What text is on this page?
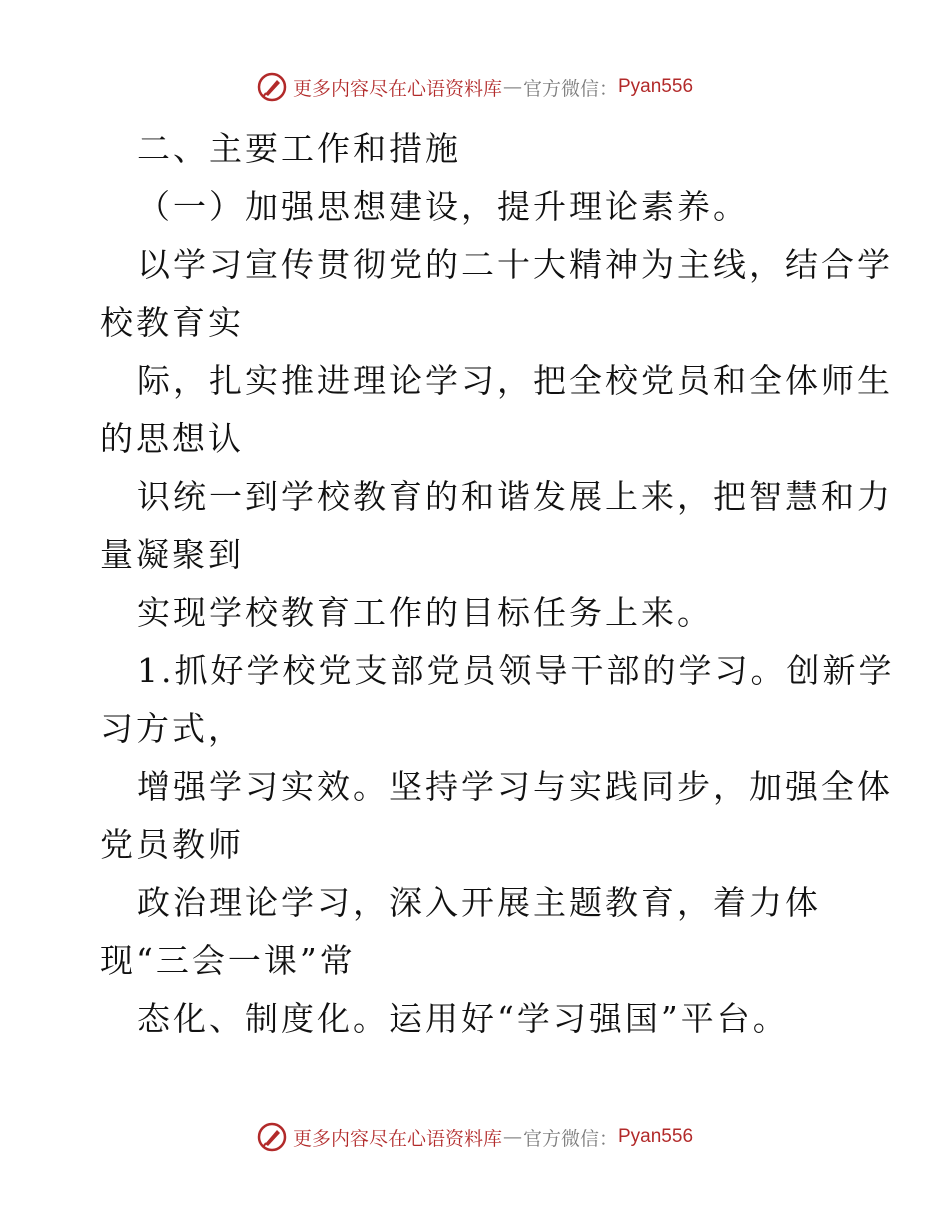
更多内容尽在心语资料库 — 官方微信： Pyan556
二、主要工作和措施
（一）加强思想建设，提升理论素养。
以学习宣传贯彻党的二十大精神为主线，结合学
校教育实
际，扎实推进理论学习，把全校党员和全体师生
的思想认
识统一到学校教育的和谐发展上来，把智慧和力
量凝聚到
实现学校教育工作的目标任务上来。
1.抓好学校党支部党员领导干部的学习。创新学
习方式，
增强学习实效。坚持学习与实践同步，加强全体
党员教师
政治理论学习，深入开展主题教育，着力体
现“三会一课”常
态化、制度化。运用好“学习强国”平台。
更多内容尽在心语资料库 — 官方微信： Pyan556
